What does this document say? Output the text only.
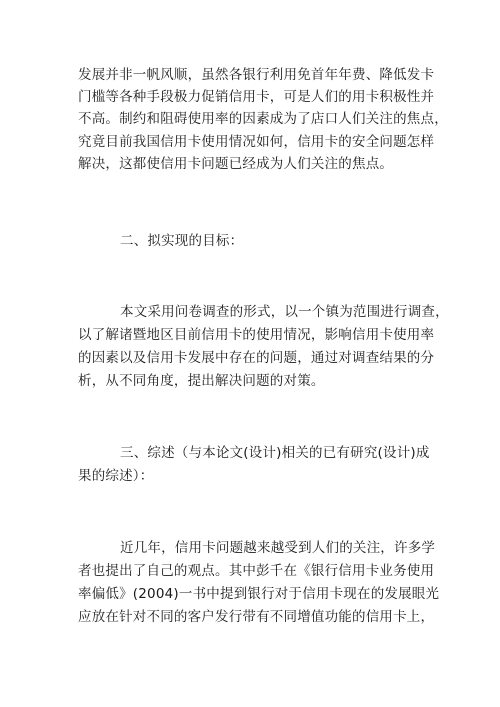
发展并非一帆风顺，虽然各银行利用免首年年费、降低发卡
门槛等各种手段极力促销信用卡，可是人们的用卡积极性并
不高。制约和阻碍使用率的因素成为了店口人们关注的焦点，
究竟目前我国信用卡使用情况如何，信用卡的安全问题怎样
解决，这都使信用卡问题已经成为人们关注的焦点。
二、拟实现的目标：
本文采用问卷调查的形式，以一个镇为范围进行调查，
以了解诸暨地区目前信用卡的使用情况，影响信用卡使用率
的因素以及信用卡发展中存在的问题，通过对调查结果的分
析，从不同角度，提出解决问题的对策。
三、综述（与本论文(设计)相关的已有研究(设计)成
果的综述）：
近几年，信用卡问题越来越受到人们的关注，许多学
者也提出了自己的观点。其中彭千在《银行信用卡业务使用
率偏低》(2004)一书中提到银行对于信用卡现在的发展眼光
应放在针对不同的客户发行带有不同增值功能的信用卡上，
